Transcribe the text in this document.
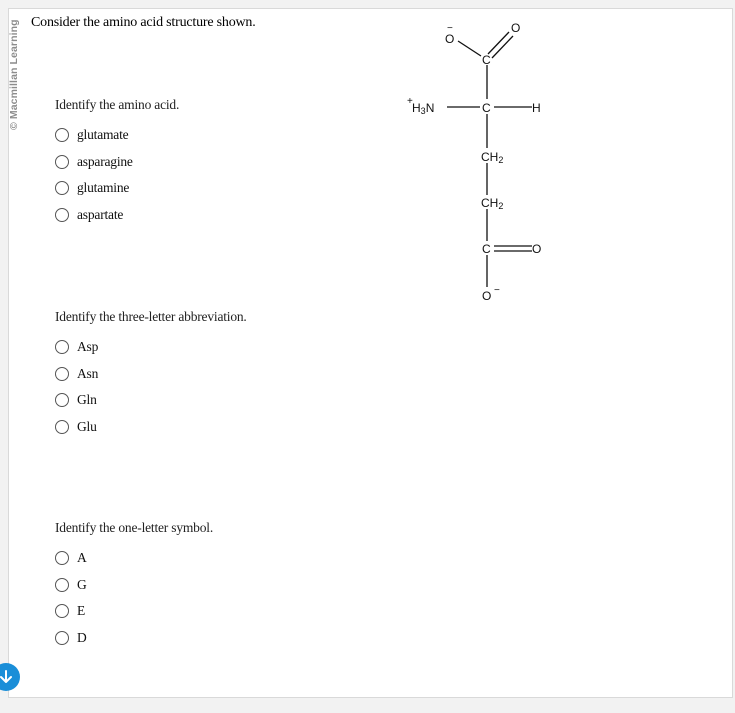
© Macmillan Learning Consider the amino acid structure shown.
Identify the amino acid.
glutamate
asparagine
glutamine
aspartate
Identify the three-letter abbreviation.
Asp
Asn
Gln
Glu
Identify the one-letter symbol.
A
G
E
D
O
−	O
C
+ H3N	C	H
CH2
CH2
C	O
O −
